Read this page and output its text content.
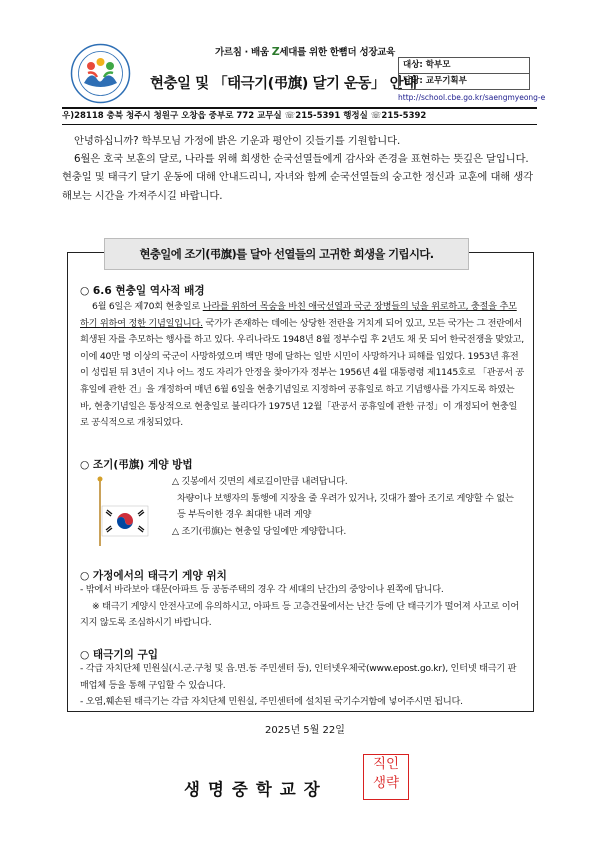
가르침 · 배움 Z세대를 위한 한뼘더 성장교육
현충일 및 「태극기(弔旗) 달기 운동」 안내
대상: 학부모
담당: 교무기획부
http://school.cbe.go.kr/saengmyeong-e
우)28118 충북 청주시 청원구 오창읍 중부로 772 교무실 ☏215-5391 행정실 ☏215-5392

안녕하십니까? 학부모님 가정에 밝은 기운과 평안이 깃들기를 기원합니다.

6월은 호국 보훈의 달로, 나라를 위해 희생한 순국선열들에게 감사와 존경을 표현하는 뜻깊은 달입니다. 현충일 및 태극기 달기 운동에 대해 안내드리니, 자녀와 함께 순국선열들의 숭고한 정신과 교훈에 대해 생각해보는 시간을 가져주시길 바랍니다.

현충일에 조기(弔旗)를 달아 선열들의 고귀한 희생을 기립시다.
○ 6.6 현충일 역사적 배경
6월 6일은 제70회 현충일로 나라를 위하여 목숨을 바친 애국선열과 국군 장병들의 넋을 위로하고, 충절을 추모하기 위하여 정한 기념일입니다. 국가가 존재하는 데에는 상당한 전란을 거치게 되어 있고, 모든 국가는 그 전란에서 희생된 자를 추모하는 행사를 하고 있다. 우리나라도 1948년 8월 정부수립 후 2년도 채 못 되어 한국전쟁을 맞았고, 이에 40만 명 이상의 국군이 사망하였으며 백만 명에 달하는 일반 시민이 사망하거나 피해를 입었다. 1953년 휴전이 성립된 뒤 3년이 지나 어느 정도 자리가 안정을 찾아가자 정부는 1956년 4월 대통령령 제1145호로 「관공서 공휴일에 관한 건」을 개정하여 매년 6월 6일을 현충기념일로 지정하여 공휴일로 하고 기념행사를 가지도록 하였는바, 현충기념일은 통상적으로 현충일로 불리다가 1975년 12월「관공서 공휴일에 관한 규정」이 개정되어 현충일로 공식적으로 개칭되었다.
○ 조기(弔旗) 게양 방법
△ 깃봉에서 깃면의 세로길이만큼 내려답니다.
차량이나 보행자의 통행에 지장을 줄 우려가 있거나, 깃대가 짧아 조기로 게양할 수 없는 등 부득이한 경우 최대한 내려 게양
△ 조기(弔旗)는 현충일 당일에만 게양합니다.
○ 가정에서의 태극기 게양 위치
- 밖에서 바라보아 대문(아파트 등 공동주택의 경우 각 세대의 난간)의 중앙이나 왼쪽에 답니다.
※ 태극기 게양시 안전사고에 유의하시고, 아파트 등 고층건물에서는 난간 등에 단 태극기가 떨어져 사고로 이어지지 않도록 조심하시기 바랍니다.
○ 태극기의 구입
- 각급 자치단체 민원실(시.군.구청 및 읍.면.동 주민센터 등), 인터넷우체국(www.epost.go.kr), 인터넷 태극기 판매업체 등을 통해 구입할 수 있습니다.
- 오염,훼손된 태극기는 각급 자치단체 민원실, 주민센터에 설치된 국기수거함에 넣어주시면 됩니다.
2025년 5월 22일
생명중학교장
직인
생략
